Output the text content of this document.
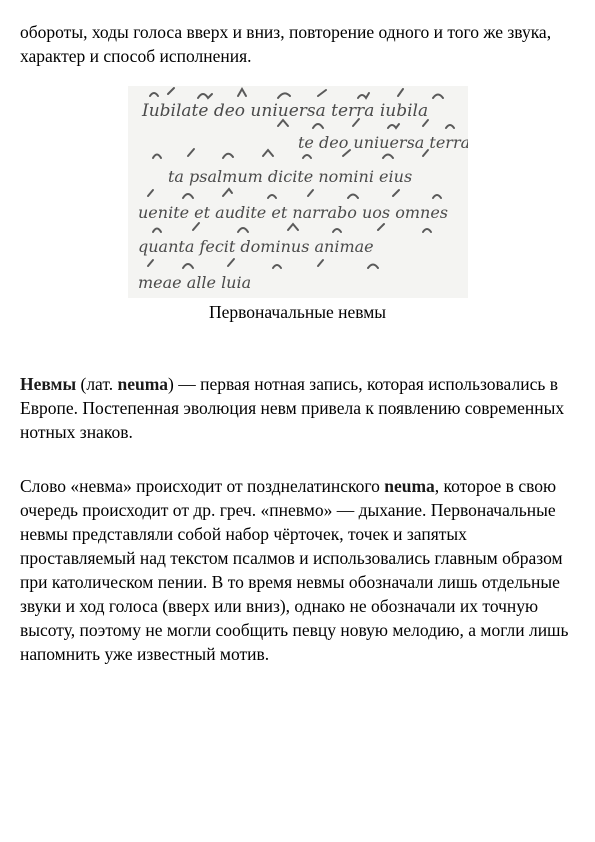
обороты, ходы голоса вверх и вниз, повторение одного и того же звука, характер и способ исполнения.

Iubilate deo uniuersa terra iubila
te deo uniuersa terra
ta psalmum dicite nomini eius
uenite et audite et narrabo uos omnes
quanta fecit dominus animae
meae alle luia
Первоначальные невмы

Невмы (лат. neuma) — первая нотная запись, которая использовались в Европе. Постепенная эволюция невм привела к появлению современных нотных знаков.

Слово «невма» происходит от позднелатинского neuma, которое в свою очередь происходит от др. греч. «пневмо» — дыхание. Первоначальные невмы представляли собой набор чёрточек, точек и запятых проставляемый над текстом псалмов и использовались главным образом при католическом пении. В то время невмы обозначали лишь отдельные звуки и ход голоса (вверх или вниз), однако не обозначали их точную высоту, поэтому не могли сообщить певцу новую мелодию, а могли лишь напомнить уже известный мотив.
